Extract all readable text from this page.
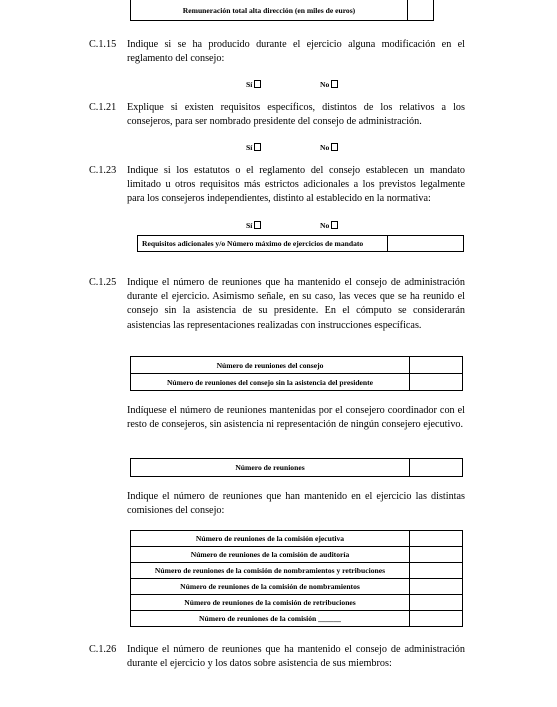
Remuneración total alta dirección (en miles de euros)	
C.1.15 Indique si se ha producido durante el ejercicio alguna modificación en el reglamento del consejo:
Sí	No
C.1.21 Explique si existen requisitos específicos, distintos de los relativos a los consejeros, para ser nombrado presidente del consejo de administración.
Sí	No
C.1.23 Indique si los estatutos o el reglamento del consejo establecen un mandato limitado u otros requisitos más estrictos adicionales a los previstos legalmente para los consejeros independientes, distinto al establecido en la normativa:
Sí	No
Requisitos adicionales y/o Número máximo de ejercicios de mandato	
C.1.25 Indique el número de reuniones que ha mantenido el consejo de administración durante el ejercicio. Asimismo señale, en su caso, las veces que se ha reunido el consejo sin la asistencia de su presidente. En el cómputo se considerarán asistencias las representaciones realizadas con instrucciones específicas.
Número de reuniones del consejo	
Número de reuniones del consejo sin la asistencia del presidente	
Indíquese el número de reuniones mantenidas por el consejero coordinador con el resto de consejeros, sin asistencia ni representación de ningún consejero ejecutivo.
Número de reuniones	
Indique el número de reuniones que han mantenido en el ejercicio las distintas comisiones del consejo:
Número de reuniones de la comisión ejecutiva	
Número de reuniones de la comisión de auditoría	
Número de reuniones de la comisión de nombramientos y retribuciones	
Número de reuniones de la comisión de nombramientos	
Número de reuniones de la comisión de retribuciones	
Número de reuniones de la comisión ______	
C.1.26 Indique el número de reuniones que ha mantenido el consejo de administración durante el ejercicio y los datos sobre asistencia de sus miembros:
